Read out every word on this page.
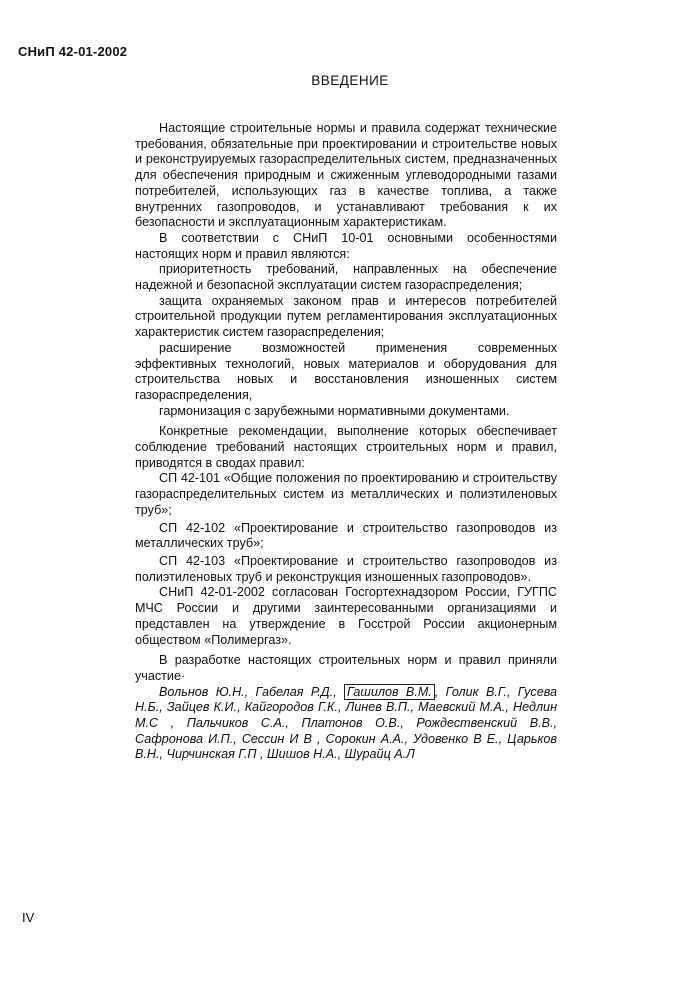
СНиП 42-01-2002
ВВЕДЕНИЕ

Настоящие строительные нормы и правила содержат технические требования, обязательные при проектировании и строительстве новых и реконструируемых газораспределительных систем, предназначенных для обеспечения природным и сжиженным углеводородными газами потребителей, использующих газ в качестве топлива, а также внутренних газопроводов, и устанавливают требования к их безопасности и эксплуатационным характеристикам.

В соответствии с СНиП 10-01 основными особенностями настоящих норм и правил являются:

приоритетность требований, направленных на обеспечение надежной и безопасной эксплуатации систем газораспределения;

защита охраняемых законом прав и интересов потребителей строительной продукции путем регламентирования эксплуатационных характеристик систем газораспределения;

расширение возможностей применения современных эффективных технологий, новых материалов и оборудования для строительства новых и восстановления изношенных систем газораспределения,

гармонизация с зарубежными нормативными документами.

Конкретные рекомендации, выполнение которых обеспечивает соблюдение требований настоящих строительных норм и правил, приводятся в сводах правил:

СП 42-101 «Общие положения по проектированию и строительству газораспределительных систем из металлических и полиэтиленовых труб»;

СП 42-102 «Проектирование и строительство газопроводов из металлических труб»;

СП 42-103 «Проектирование и строительство газопроводов из полиэтиленовых труб и реконструкция изношенных газопроводов».

СНиП 42-01-2002 согласован Госгортехнадзором России, ГУГПС МЧС России и другими заинтересованными организациями и представлен на утверждение в Госстрой России акционерным обществом «Полимергаз».

В разработке настоящих строительных норм и правил приняли участие·

Вольнов Ю.Н., Габелая Р.Д., Гашилов В.М. , Голик В.Г., Гусева Н.Б., Зайцев К.И., Кайгородов Г.К., Линев В.П., Маевский М.А., Недлин М.С , Пальчиков С.А., Платонов О.В., Рождественский В.В., Сафронова И.П., Сессин И В , Сорокин А.А., Удовенко В Е., Царьков В.Н., Чирчинская Г.П , Шишов Н.А., Шурайц А.Л

IV
